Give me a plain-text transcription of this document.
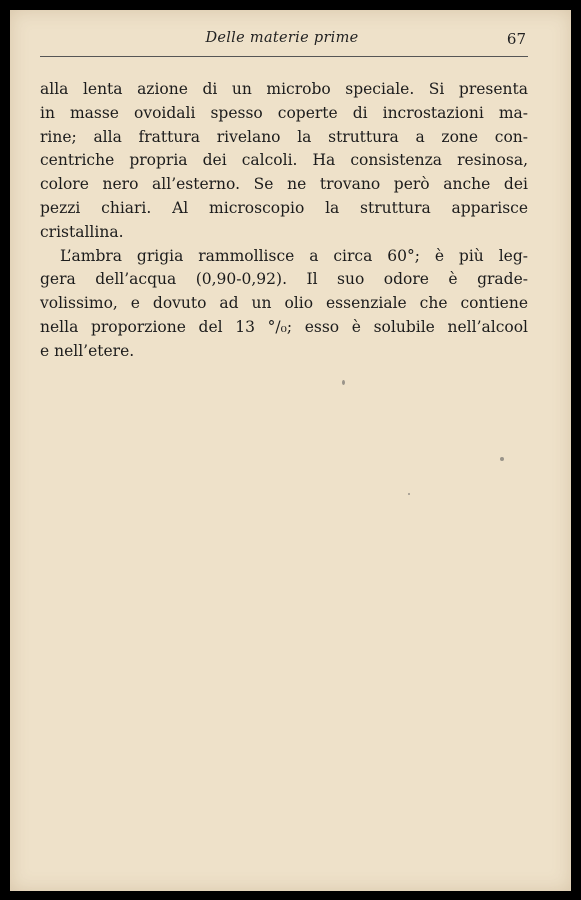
Delle materie prime	67
alla lenta azione di un microbo speciale. Si presenta
in masse ovoidali spesso coperte di incrostazioni ma-
rine; alla frattura rivelano la struttura a zone con-
centriche propria dei calcoli. Ha consistenza resinosa,
colore nero all’esterno. Se ne trovano però anche dei
pezzi chiari. Al microscopio la struttura apparisce
cristallina.
L’ambra grigia rammollisce a circa 60°; è più leg-
gera dell’acqua (0,90-0,92). Il suo odore è grade-
volissimo, e dovuto ad un olio essenziale che contiene
nella proporzione del 13 °/₀; esso è solubile nell’alcool
e nell’etere.
